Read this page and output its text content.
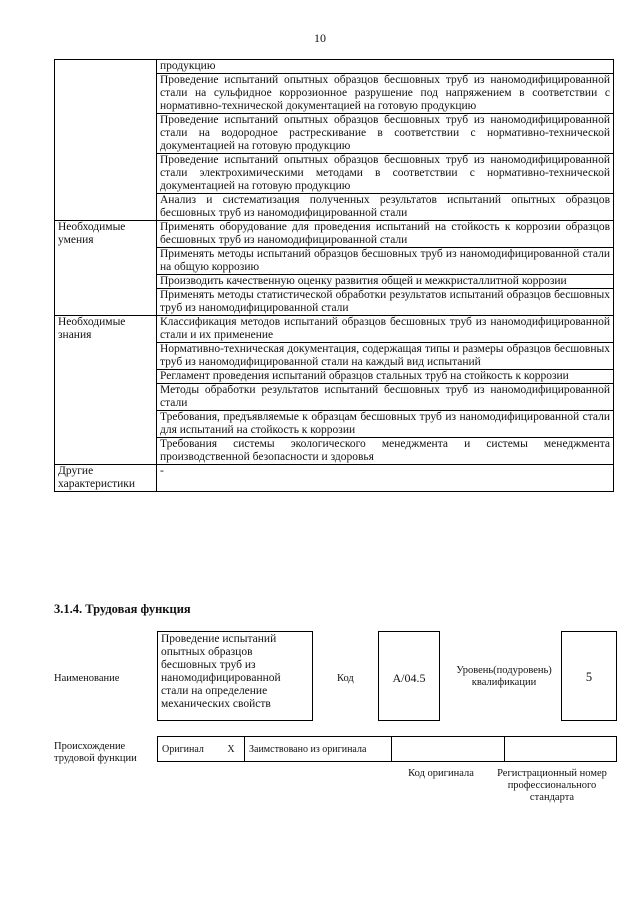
10
	продукцию
	Проведение испытаний опытных образцов бесшовных труб из наномодифицированной стали на сульфидное коррозионное разрушение под напряжением в соответствии с нормативно-технической документацией на готовую продукцию
	Проведение испытаний опытных образцов бесшовных труб из наномодифицированной стали на водородное растрескивание в соответствии с нормативно-технической документацией на готовую продукцию
	Проведение испытаний опытных образцов бесшовных труб из наномодифицированной стали электрохимическими методами в соответствии с нормативно-технической документацией на готовую продукцию
	Анализ и систематизация полученных результатов испытаний опытных образцов бесшовных труб из наномодифицированной стали
Необходимые умения	Применять оборудование для проведения испытаний на стойкость к коррозии образцов бесшовных труб из наномодифицированной стали
	Применять методы испытаний образцов бесшовных труб из наномодифицированной стали на общую коррозию
	Производить качественную оценку развития общей и межкристаллитной коррозии
	Применять методы статистической обработки результатов испытаний образцов бесшовных труб из наномодифицированной стали
Необходимые знания	Классификация методов испытаний образцов бесшовных труб из наномодифицированной стали и их применение
	Нормативно-техническая документация, содержащая типы и размеры образцов бесшовных труб из наномодифицированной стали на каждый вид испытаний
	Регламент проведения испытаний образцов стальных труб на стойкость к коррозии
	Методы обработки результатов испытаний бесшовных труб из наномодифицированной стали
	Требования, предъявляемые к образцам бесшовных труб из наномодифицированной стали для испытаний на стойкость к коррозии
	Требования системы экологического менеджмента и системы менеджмента производственной безопасности и здоровья
Другие характеристики	-
3.1.4. Трудовая функция
Наименование
Проведение испытаний опытных образцов бесшовных труб из наномодифицированной стали на определение механических свойств
Код	А/04.5
Уровень(подуровень) квалификации	5
Происхождение трудовой функции
Оригинал	X	Заимствовано из оригинала		
Код оригинала	Регистрационный номер профессионального стандарта
